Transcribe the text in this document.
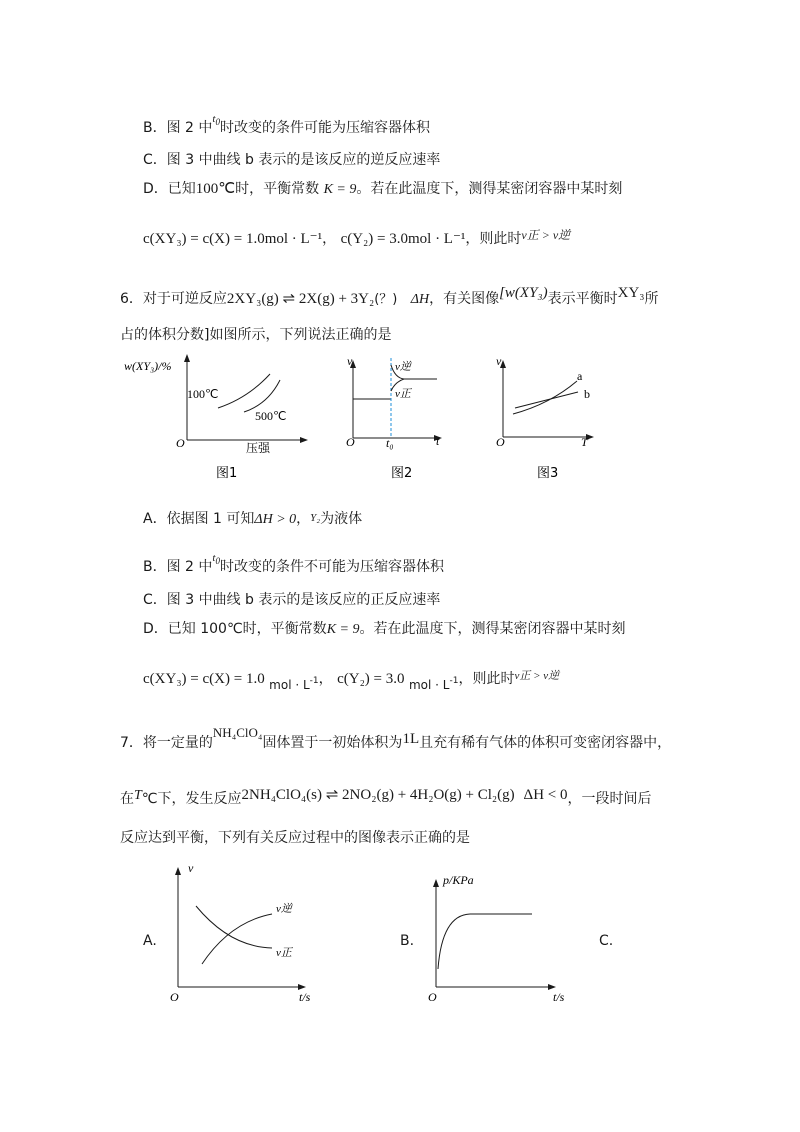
B．图 2 中$^{t_0}$时改变的条件可能为压缩容器体积
C．图 3 中曲线 b 表示的是该反应的逆反应速率
D．已知100℃时，平衡常数 K = 9。若在此温度下，测得某密闭容器中某时刻
c(XY₃) = c(X) = 1.0mol · L⁻¹， c(Y₂) = 3.0mol · L⁻¹，则此时v正 > v逆
6．对于可逆反应2XY₃(g) ⇌ 2X(g) + 3Y₂(？) ΔH，有关图像[w(XY₃)表示平衡时XY₃所
占的体积分数]如图所示，下列说法正确的是
w(XY₃)/%
100℃
500℃
O	压强
图1
v	v逆
v正
O	t₀	t
图2
v
a
b
O	T
图3
A．依据图 1 可知ΔH > 0，Y₂为液体
B．图 2 中$^{t_0}$时改变的条件不可能为压缩容器体积
C．图 3 中曲线 b 表示的是该反应的正反应速率
D．已知 100℃时，平衡常数K = 9。若在此温度下，测得某密闭容器中某时刻
c(XY₃) = c(X) = 1.0 mol · $L^{-1}$， c(Y₂) = 3.0 mol · $L^{-1}$，则此时$^{v正 > v逆}$
7．将一定量的NH₄ClO₄固体置于一初始体积为1L且充有稀有气体的体积可变密闭容器中，
在T℃下，发生反应2NH₄ClO₄(s) ⇌ 2NO₂(g) + 4H₂O(g) + Cl₂(g) ΔH < 0，一段时间后
反应达到平衡，下列有关反应过程中的图像表示正确的是
A.	B.	C.
v
v逆
v正
O	t/s
p/KPa
O	t/s
